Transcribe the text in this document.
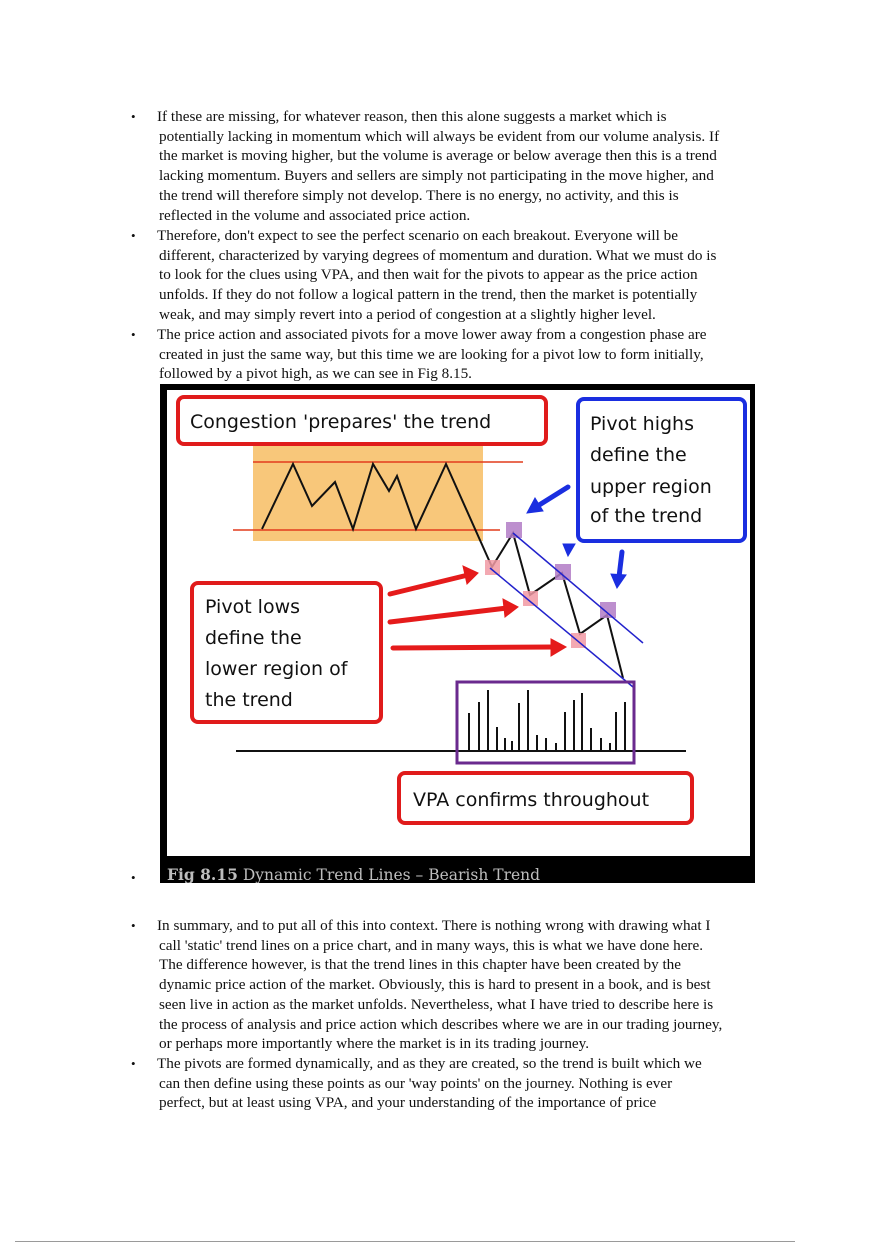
• If these are missing, for whatever reason, then this alone suggests a market which is
potentially lacking in momentum which will always be evident from our volume analysis. If
the market is moving higher, but the volume is average or below average then this is a trend
lacking momentum. Buyers and sellers are simply not participating in the move higher, and
the trend will therefore simply not develop. There is no energy, no activity, and this is
reflected in the volume and associated price action.
• Therefore, don't expect to see the perfect scenario on each breakout. Everyone will be
different, characterized by varying degrees of momentum and duration. What we must do is
to look for the clues using VPA, and then wait for the pivots to appear as the price action
unfolds. If they do not follow a logical pattern in the trend, then the market is potentially
weak, and may simply revert into a period of congestion at a slightly higher level.
• The price action and associated pivots for a move lower away from a congestion phase are
created in just the same way, but this time we are looking for a pivot low to form initially,
followed by a pivot high, as we can see in Fig 8.15.
Congestion 'prepares' the trend	Pivot highs
define the
upper region
of the trend
Pivot lows
define the
lower region of
the trend
VPA confirms throughout
Fig 8.15 Dynamic Trend Lines – Bearish Trend
•
• In summary, and to put all of this into context. There is nothing wrong with drawing what I
call 'static' trend lines on a price chart, and in many ways, this is what we have done here.
The difference however, is that the trend lines in this chapter have been created by the
dynamic price action of the market. Obviously, this is hard to present in a book, and is best
seen live in action as the market unfolds. Nevertheless, what I have tried to describe here is
the process of analysis and price action which describes where we are in our trading journey,
or perhaps more importantly where the market is in its trading journey.
• The pivots are formed dynamically, and as they are created, so the trend is built which we
can then define using these points as our 'way points' on the journey. Nothing is ever
perfect, but at least using VPA, and your understanding of the importance of price
